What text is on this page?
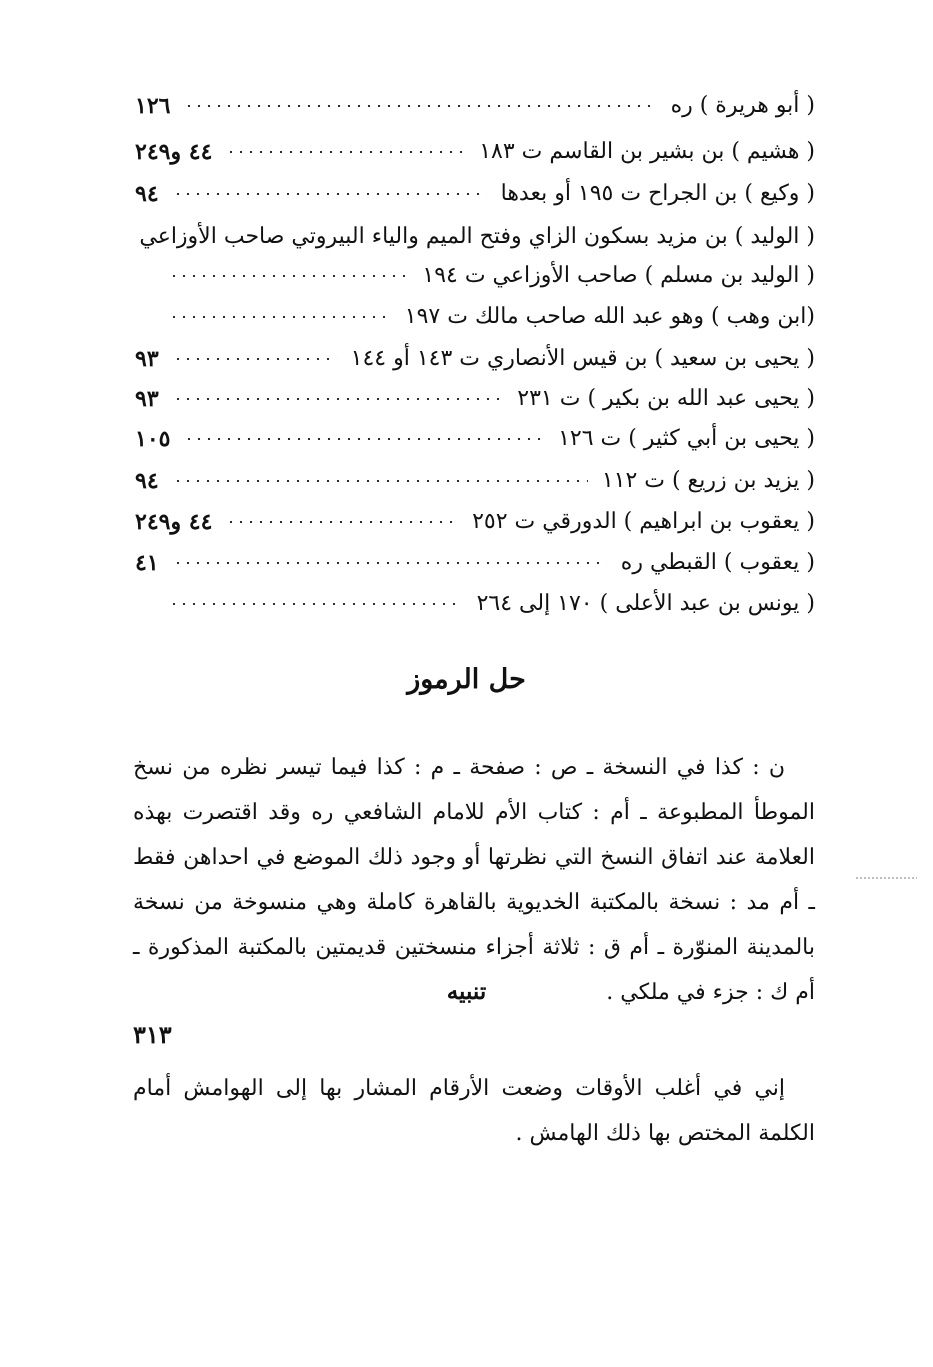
( أبو هريرة ) ره
١٢٦
( هشيم ) بن بشير بن القاسم ت ١٨٣
٤٤ و٢٤٩
( وكيع ) بن الجراح ت ١٩٥ أو بعدها
٩٤
( الوليد ) بن مزيد بسكون الزاي وفتح الميم والياء البيروتي صاحب الأوزاعي
( الوليد بن مسلم ) صاحب الأوزاعي ت ١٩٤
(ابن وهب ) وهو عبد الله صاحب مالك ت ١٩٧
( يحيى بن سعيد ) بن قيس الأنصاري ت ١٤٣ أو ١٤٤
٩٣
( يحيى عبد الله بن بكير ) ت ٢٣١
٩٣
( يحيى بن أبي كثير ) ت ١٢٦
١٠٥
( يزيد بن زريع ) ت ١١٢
٩٤
( يعقوب بن ابراهيم ) الدورقي ت ٢٥٢
٤٤ و٢٤٩
( يعقوب ) القبطي ره
٤١
( يونس بن عبد الأعلى ) ١٧٠ إلى ٢٦٤
حل الرموز
ن : كذا في النسخة ـ ص : صفحة ـ م : كذا فيما تيسر نظره من نسخ الموطأ المطبوعة ـ أم : كتاب الأم للامام الشافعي ره وقد اقتصرت بهذه العلامة عند اتفاق النسخ التي نظرتها أو وجود ذلك الموضع في احداهن فقط ـ أم مد : نسخة بالمكتبة الخديوية بالقاهرة كاملة وهي منسوخة من نسخة بالمدينة المنوّرة ـ أم ق : ثلاثة أجزاء منسختين قديمتين بالمكتبة المذكورة ـ أم ك : جزء في ملكي .
تنبيه
إني في أغلب الأوقات وضعت الأرقام المشار بها إلى الهوامش أمام الكلمة المختص بها ذلك الهامش .
٣١٣
